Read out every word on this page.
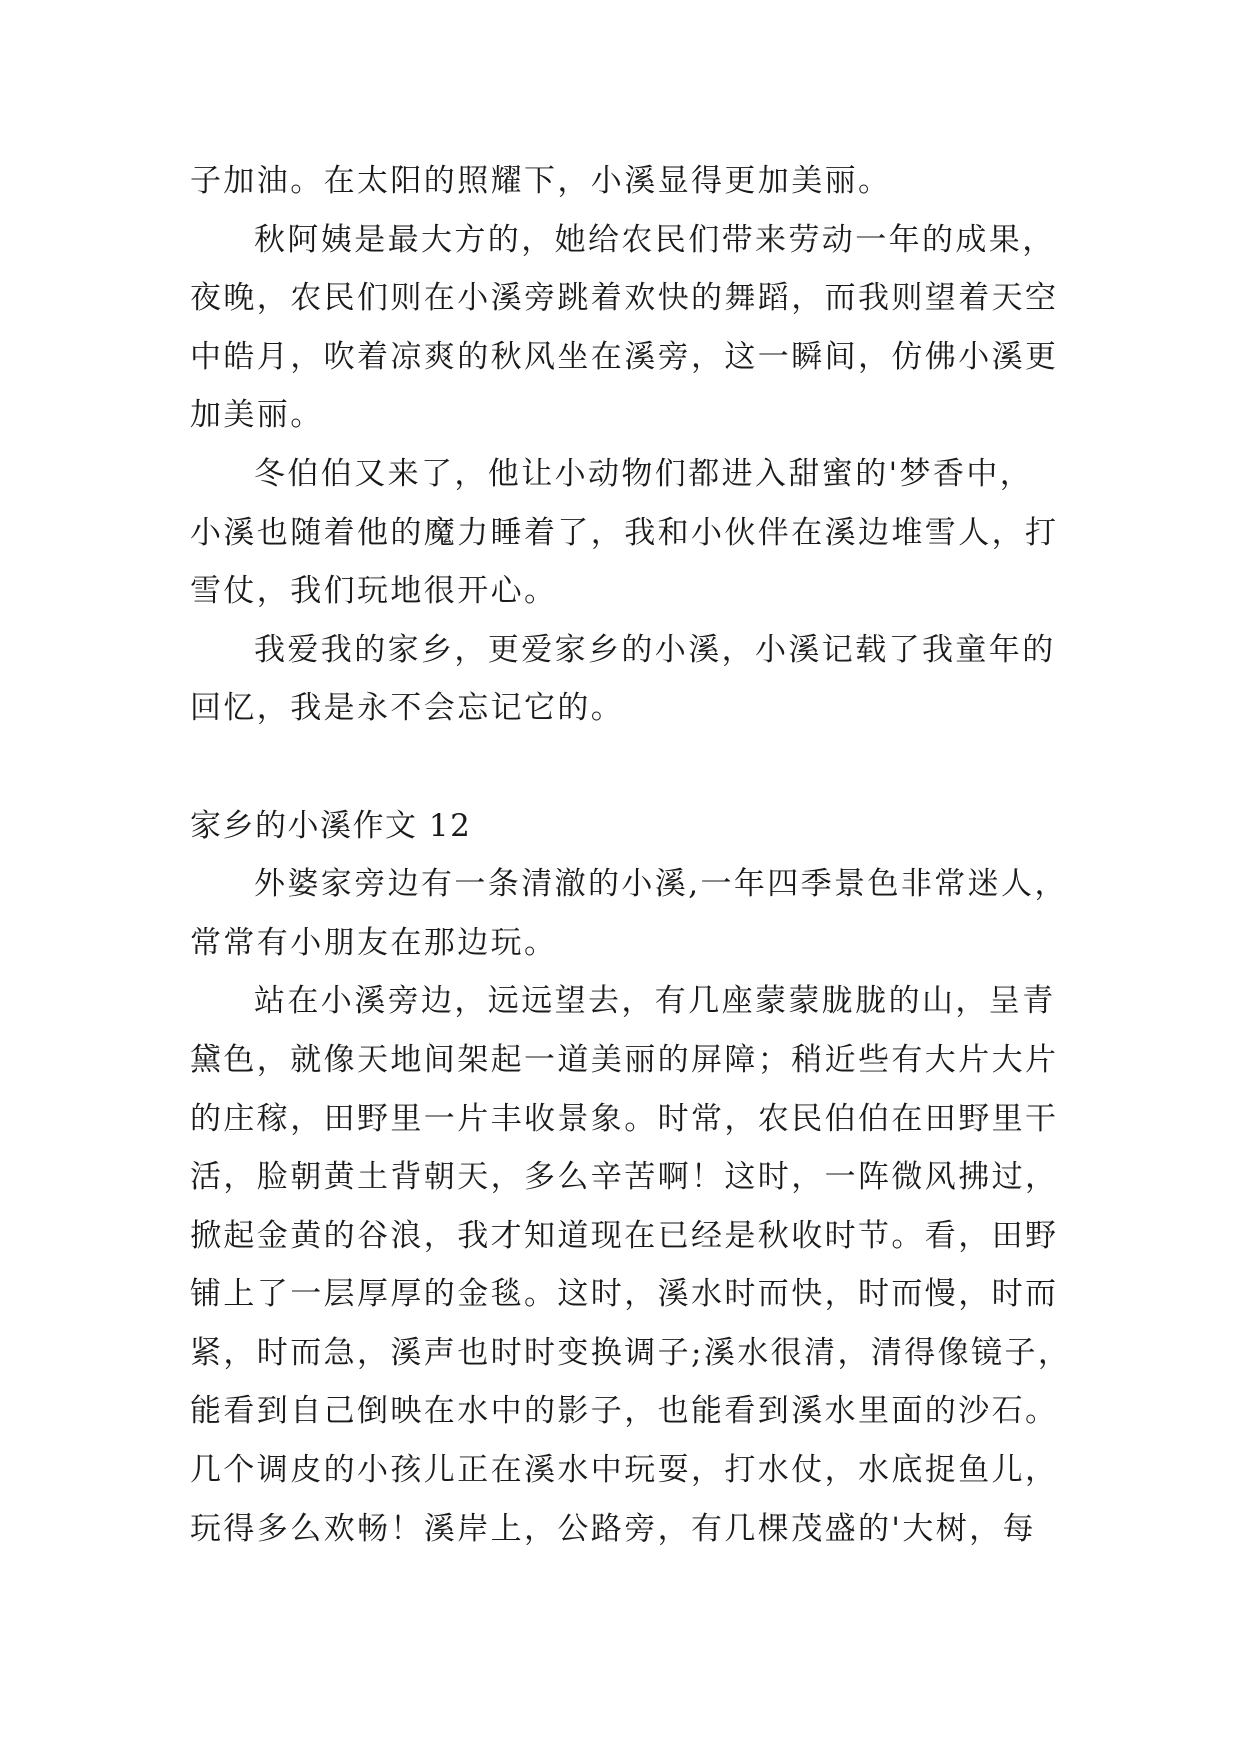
子加油。在太阳的照耀下，小溪显得更加美丽。
秋阿姨是最大方的，她给农民们带来劳动一年的成果，
夜晚，农民们则在小溪旁跳着欢快的舞蹈，而我则望着天空
中皓月，吹着凉爽的秋风坐在溪旁，这一瞬间，仿佛小溪更
加美丽。
冬伯伯又来了，他让小动物们都进入甜蜜的'梦香中，
小溪也随着他的魔力睡着了，我和小伙伴在溪边堆雪人，打
雪仗，我们玩地很开心。
我爱我的家乡，更爱家乡的小溪，小溪记载了我童年的
回忆，我是永不会忘记它的。
家乡的小溪作文 12
外婆家旁边有一条清澈的小溪,一年四季景色非常迷人，
常常有小朋友在那边玩。
站在小溪旁边，远远望去，有几座蒙蒙胧胧的山，呈青
黛色，就像天地间架起一道美丽的屏障；稍近些有大片大片
的庄稼，田野里一片丰收景象。时常，农民伯伯在田野里干
活，脸朝黄土背朝天，多么辛苦啊！这时，一阵微风拂过，
掀起金黄的谷浪，我才知道现在已经是秋收时节。看，田野
铺上了一层厚厚的金毯。这时，溪水时而快，时而慢，时而
紧，时而急，溪声也时时变换调子;溪水很清，清得像镜子，
能看到自己倒映在水中的影子，也能看到溪水里面的沙石。
几个调皮的小孩儿正在溪水中玩耍，打水仗，水底捉鱼儿，
玩得多么欢畅！溪岸上，公路旁，有几棵茂盛的'大树，每
